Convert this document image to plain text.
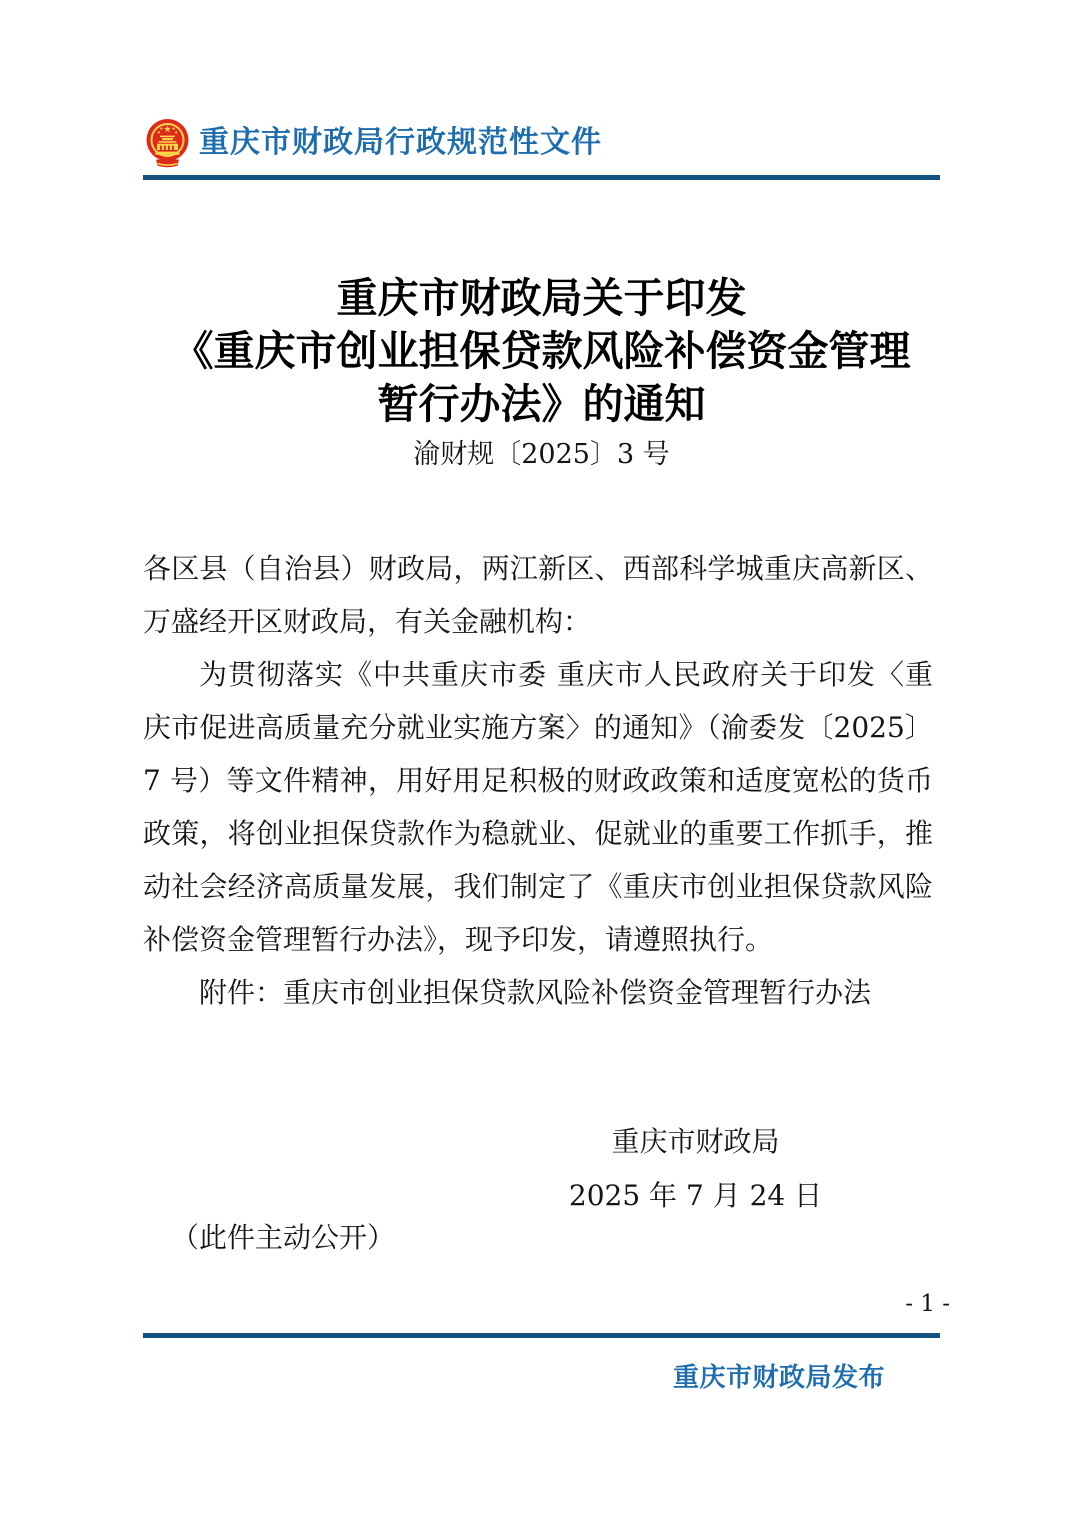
重庆市财政局行政规范性文件
重庆市财政局关于印发
《重庆市创业担保贷款风险补偿资金管理
暂行办法》的通知
渝财规〔2025〕3 号

各区县（自治县）财政局，两江新区、西部科学城重庆高新区、万盛经开区财政局，有关金融机构：

为贯彻落实《中共重庆市委 重庆市人民政府关于印发〈重庆市促进高质量充分就业实施方案〉的通知》（渝委发〔2025〕7 号）等文件精神，用好用足积极的财政政策和适度宽松的货币政策，将创业担保贷款作为稳就业、促就业的重要工作抓手，推动社会经济高质量发展，我们制定了《重庆市创业担保贷款风险补偿资金管理暂行办法》，现予印发，请遵照执行。

附件：重庆市创业担保贷款风险补偿资金管理暂行办法

重庆市财政局
2025 年 7 月 24 日
（此件主动公开）
- 1 -
重庆市财政局发布
